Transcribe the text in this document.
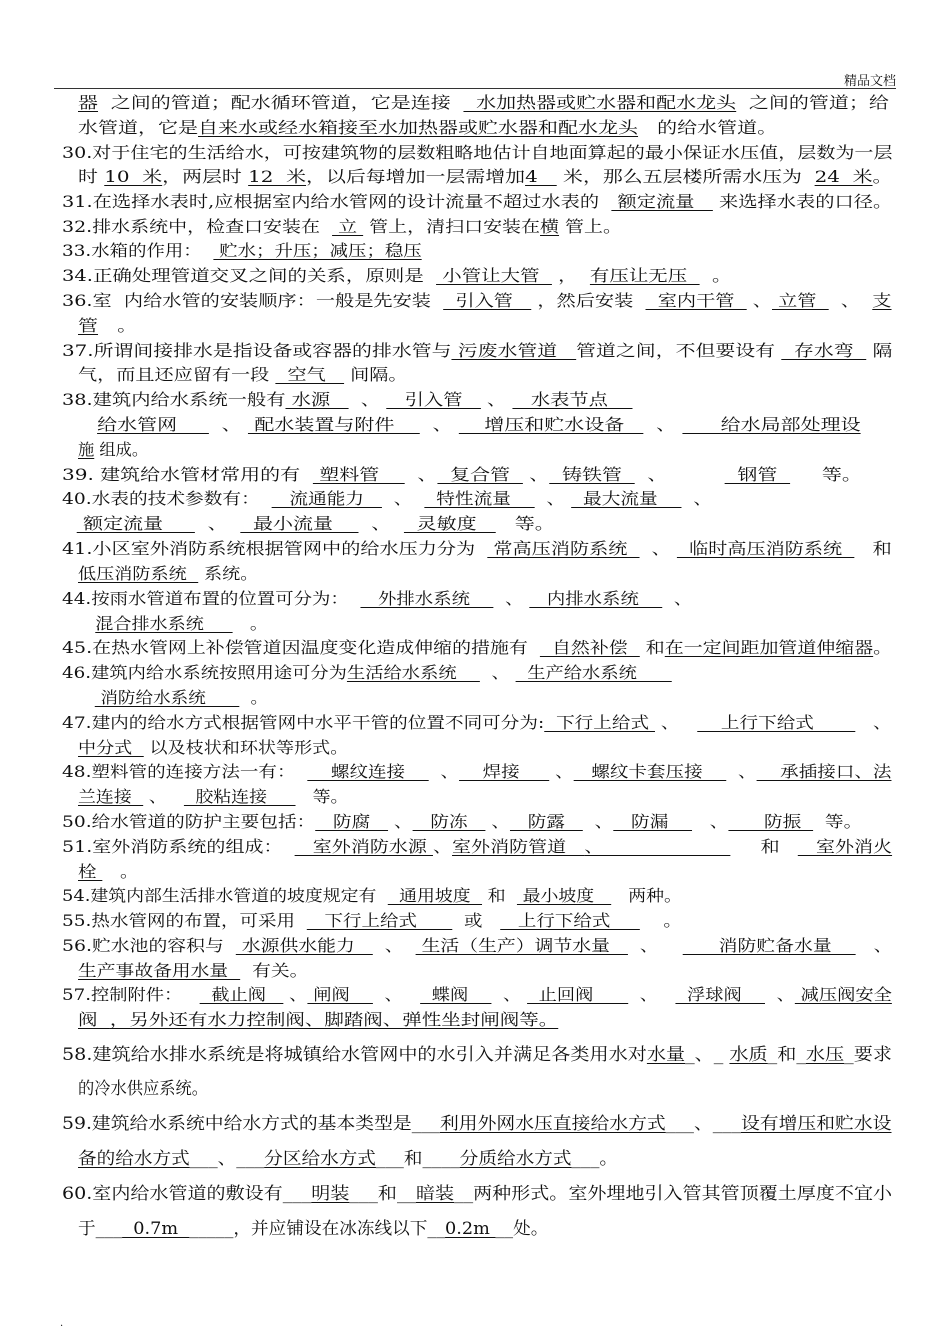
精品文档
器  之间的管道；配水循环管道，它是连接    水加热器或贮水器和配水龙头  之间的管道；给
水管道，它是自来水或经水箱接至水加热器或贮水器和配水龙头   的给水管道。
30.对于住宅的生活给水，可按建筑物的层数粗略地估计自地面算起的最小保证水压值，层数为一层
时 10  米，两层时 12  米，以后每增加一层需增加4    米，那么五层楼所需水压为  24  米。
31.在选择水表时,应根据室内给水管网的设计流量不超过水表的   额定流量    来选择水表的口径。
32.排水系统中，检查口安装在   立  管上，清扫口安装在横 管上。
33.水箱的作用：   贮水；升压；减压；稳压
34.正确处理管道交叉之间的关系，原则是   小管让大管   ，  有压让无压    。
36.室  内给水管的安装顺序：一般是先安装    引入管    ，然后安装    室内干管   、 立管    、  支
管   。
37.所谓间接排水是指设备或容器的排水管与 污废水管道   管道之间，不但要设有   存水弯   隔
气，而且还应留有一段   空气    间隔。
38.建筑内给水系统一般有 水源     、    引入管    、    水表节点
给水管网       、  配水装置与附件      、     增压和贮水设备     、       给水局部处理设
施 组成。
39. 建筑给水管材常用的有   塑料管      、  复合管   、  铸铁管    、           钢管       等。
40.水表的技术参数有：     流通能力     、    特性流量      、   最大流量      、
额定流量       、    最小流量      、    灵敏度      等。
41.小区室外消防系统根据管网中的给水压力分为   常高压消防系统    、   临时高压消防系统     和
低压消防系统   系统。
44.按雨水管道布置的位置可分为：     外排水系统      、    内排水系统      、
混合排水系统        。
45.在热水管网上补偿管道因温度变化造成伸缩的措施有    自然补偿   和在一定间距加管道伸缩器。
46.建筑内给水系统按照用途可分为生活给水系统      、   生产给水系统
消防给水系统        。
47.建内的给水方式根据管网中水平干管的位置不同可分为:  下行上给式  、       上行下给式          、
中分式   以及枝状和环状等形式。
48.塑料管的连接方法一有：      螺纹连接      、    焊接      、   螺纹卡套压接      、    承插接口、法
兰连接   、     胶粘连接        等。
50.给水管道的防护主要包括：   防腐    、   防冻    、   防露     、   防漏       、      防振    等。
51.室外消防系统的组成：     室外消防水源 、室外消防管道   、                          和      室外消火
栓    。
54.建筑内部生活排水管道的坡度规定有    通用坡度   和   最小坡度      两种。
55.热水管网的布置，可采用     下行上给式        或      上行下给式         。
56.贮水池的容积与   水源供水能力     、   生活（生产）调节水量     、          消防贮备水量       、
生产事故备用水量    有关。
57.控制附件：     截止阀    、 闸阀      、     蝶阀      、   止回阀        、     浮球阀      、 减压阀安全
阀  ，另外还有水力控制阀、脚踏阀、弹性坐封闸阀等。
58.建筑给水排水系统是将城镇给水管网中的水引入并满足各类用水对水量_、_ 水质_和_水压_要求
的冷水供应系统。
59.建筑给水系统中给水方式的基本类型是___利用外网水压直接给水方式___、___设有增压和贮水设
备的给水方式___、___分区给水方式___和____分质给水方式___。
60.室内给水管道的敷设有___明装___和__暗装__两种形式。室外埋地引入管其管顶覆土厚度不宜小
于___  0.7m  _____，并应铺设在冰冻线以下__0.2m __处。
.
